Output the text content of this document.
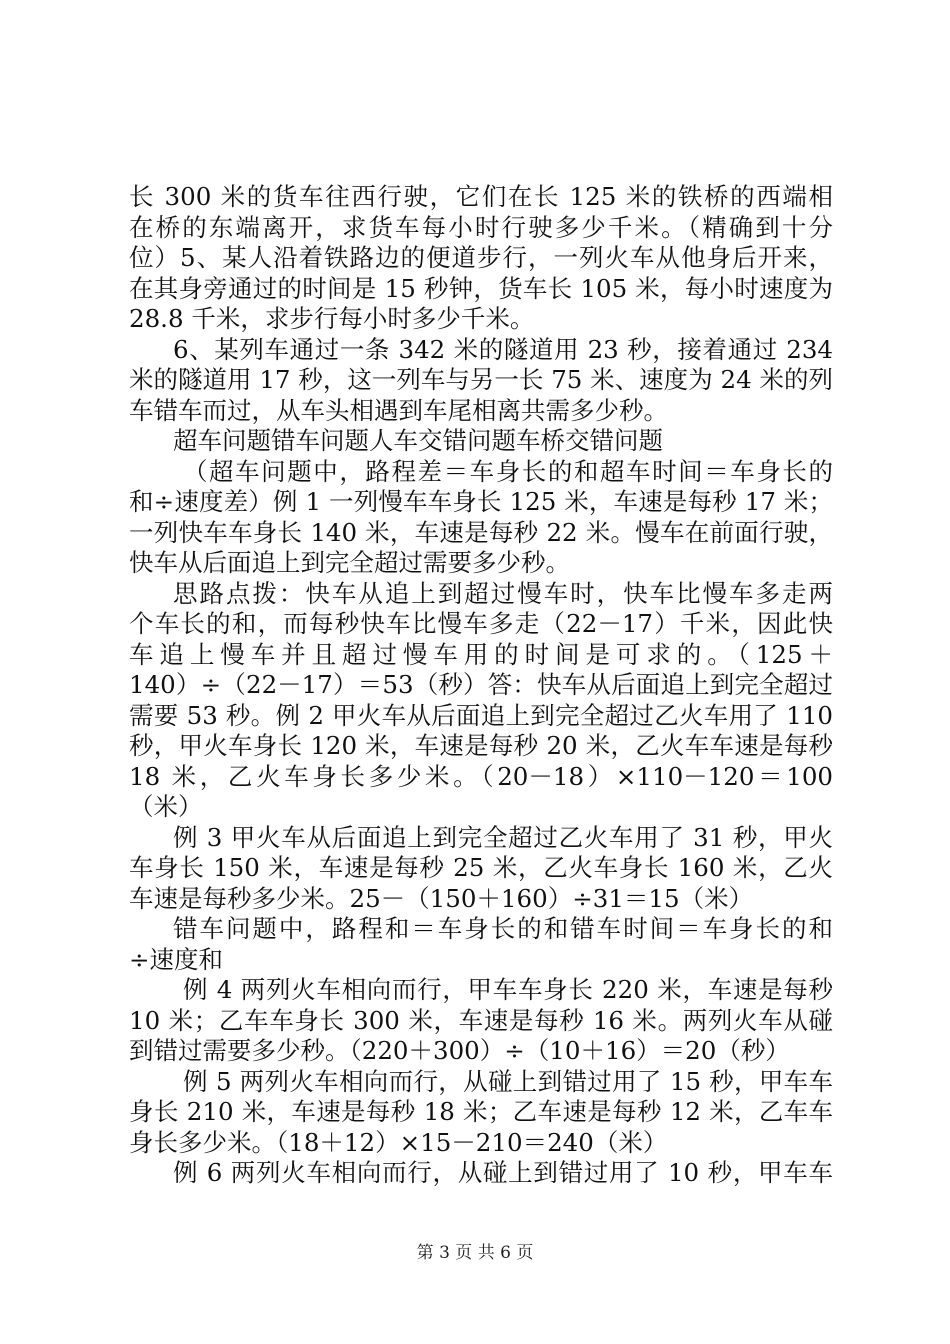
长 300 米的货车往西行驶，它们在长 125 米的铁桥的西端相
在桥的东端离开，求货车每小时行驶多少千米。（精确到十分
位）5、某人沿着铁路边的便道步行，一列火车从他身后开来，
在其身旁通过的时间是 15 秒钟，货车长 105 米，每小时速度为
28.8 千米，求步行每小时多少千米。
6、某列车通过一条 342 米的隧道用 23 秒，接着通过 234
米的隧道用 17 秒，这一列车与另一长 75 米、速度为 24 米的列
车错车而过，从车头相遇到车尾相离共需多少秒。
超车问题错车问题人车交错问题车桥交错问题
（超车问题中，路程差＝车身长的和超车时间＝车身长的
和÷速度差）例 1 一列慢车车身长 125 米，车速是每秒 17 米；
一列快车车身长 140 米，车速是每秒 22 米。慢车在前面行驶，
快车从后面追上到完全超过需要多少秒。
思路点拨：快车从追上到超过慢车时，快车比慢车多走两
个车长的和，而每秒快车比慢车多走（22－17）千米，因此快
车追上慢车并且超过慢车用的时间是可求的。（125＋
140）÷（22－17）＝53（秒）答：快车从后面追上到完全超过
需要 53 秒。例 2 甲火车从后面追上到完全超过乙火车用了 110
秒，甲火车身长 120 米，车速是每秒 20 米，乙火车车速是每秒
18 米，乙火车身长多少米。（20－18）×110－120＝100
（米）
例 3 甲火车从后面追上到完全超过乙火车用了 31 秒，甲火
车身长 150 米，车速是每秒 25 米，乙火车身长 160 米，乙火
车速是每秒多少米。25－（150＋160）÷31＝15（米）
错车问题中，路程和＝车身长的和错车时间＝车身长的和
÷速度和
例 4 两列火车相向而行，甲车车身长 220 米，车速是每秒
10 米；乙车车身长 300 米，车速是每秒 16 米。两列火车从碰
到错过需要多少秒。（220＋300）÷（10＋16）＝20（秒）
例 5 两列火车相向而行，从碰上到错过用了 15 秒，甲车车
身长 210 米，车速是每秒 18 米；乙车速是每秒 12 米，乙车车
身长多少米。（18＋12）×15－210＝240（米）
例 6 两列火车相向而行，从碰上到错过用了 10 秒，甲车车
第 3 页 共 6 页
